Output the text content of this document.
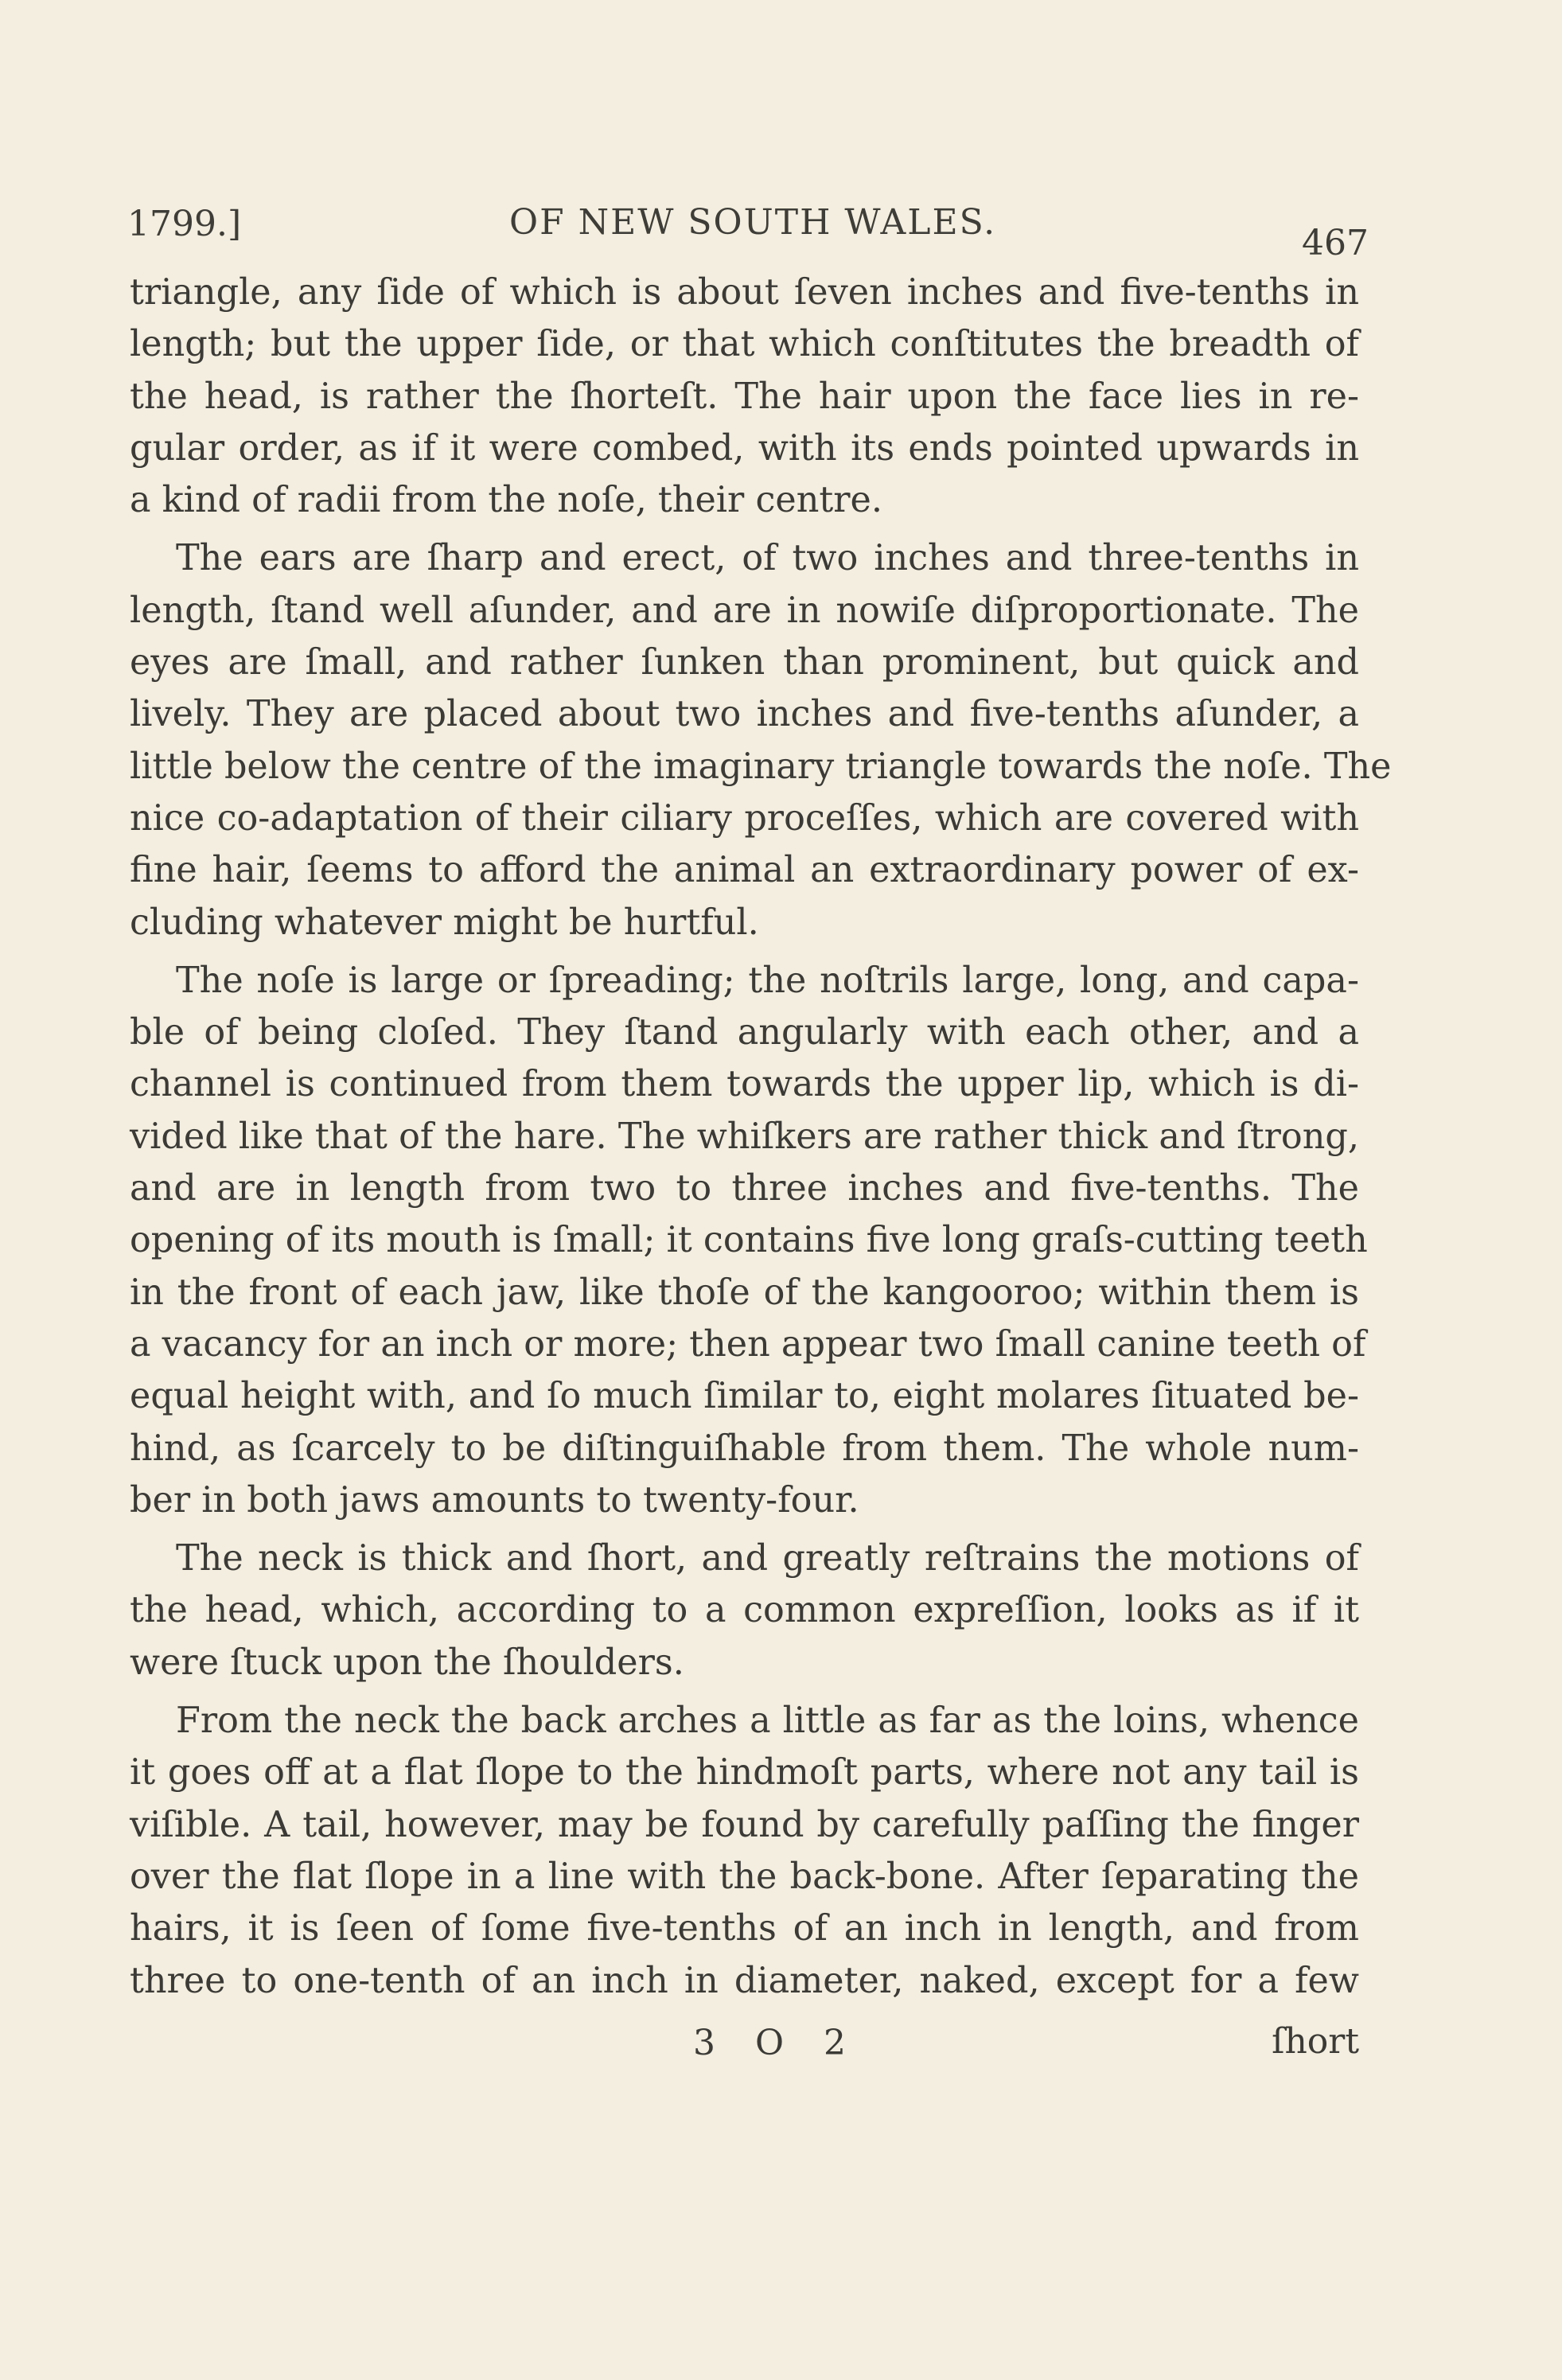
1799.]	OF NEW SOUTH WALES.
467
triangle, any ſide of which is about ſeven inches and five-tenths in
length; but the upper ſide, or that which conſtitutes the breadth of
the head, is rather the ſhorteſt. The hair upon the face lies in re-
gular order, as if it were combed, with its ends pointed upwards in
a kind of radii from the noſe, their centre.
The ears are ſharp and erect, of two inches and three-tenths in
length, ſtand well aſunder, and are in nowiſe diſproportionate. The
eyes are ſmall, and rather ſunken than prominent, but quick and
lively. They are placed about two inches and five-tenths aſunder, a
little below the centre of the imaginary triangle towards the noſe. The
nice co-adaptation of their ciliary proceſſes, which are covered with
fine hair, ſeems to afford the animal an extraordinary power of ex-
cluding whatever might be hurtful.
The noſe is large or ſpreading; the noſtrils large, long, and capa-
ble of being cloſed. They ſtand angularly with each other, and a
channel is continued from them towards the upper lip, which is di-
vided like that of the hare. The whiſkers are rather thick and ſtrong,
and are in length from two to three inches and five-tenths. The
opening of its mouth is ſmall; it contains five long graſs-cutting teeth
in the front of each jaw, like thoſe of the kangooroo; within them is
a vacancy for an inch or more; then appear two ſmall canine teeth of
equal height with, and ſo much ſimilar to, eight molares ſituated be-
hind, as ſcarcely to be diſtinguiſhable from them. The whole num-
ber in both jaws amounts to twenty-four.
The neck is thick and ſhort, and greatly reſtrains the motions of
the head, which, according to a common expreſſion, looks as if it
were ſtuck upon the ſhoulders.
From the neck the back arches a little as far as the loins, whence
it goes off at a flat ſlope to the hindmoſt parts, where not any tail is
viſible. A tail, however, may be found by carefully paſſing the finger
over the flat ſlope in a line with the back-bone. After ſeparating the
hairs, it is ſeen of ſome five-tenths of an inch in length, and from
three to one-tenth of an inch in diameter, naked, except for a few
3 O 2	ſhort
